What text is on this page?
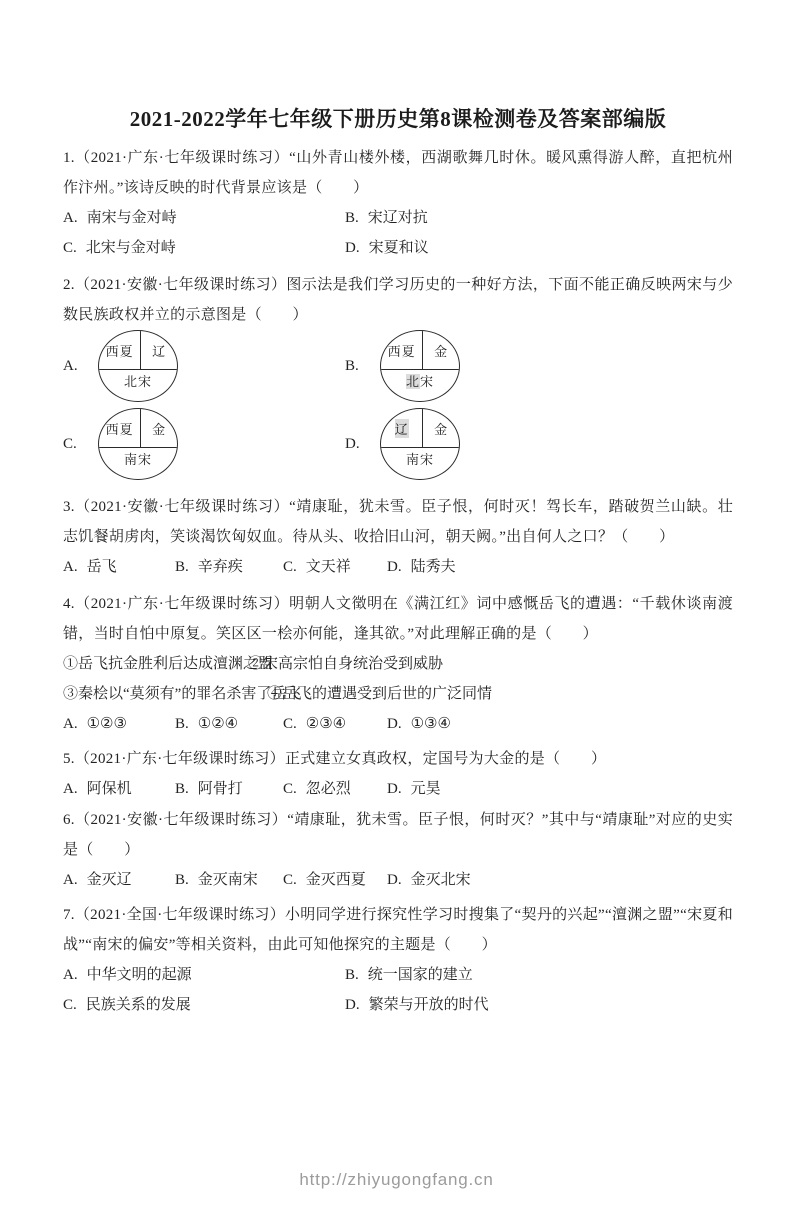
2021-2022学年七年级下册历史第8课检测卷及答案部编版

1.（2021·广东·七年级课时练习）“山外青山楼外楼，西湖歌舞几时休。暖风熏得游人醉，直把杭州作汴州。”该诗反映的时代背景应该是（　　）

A. 南宋与金对峙	B. 宋辽对抗
C. 北宋与金对峙	D. 宋夏和议

2.（2021·安徽·七年级课时练习）图示法是我们学习历史的一种好方法，下面不能正确反映两宋与少数民族政权并立的示意图是（　　）

A.
西夏	辽
北宋
B.
西夏	金
北宋
C.
西夏	金
南宋
D.
辽	金
南宋

3.（2021·安徽·七年级课时练习）“靖康耻，犹未雪。臣子恨，何时灭！驾长车，踏破贺兰山缺。壮志饥餐胡虏肉，笑谈渴饮匈奴血。待从头、收拾旧山河，朝天阙。”出自何人之口？（　　）

A. 岳飞	B. 辛弃疾	C. 文天祥	D. 陆秀夫

4.（2021·广东·七年级课时练习）明朝人文徵明在《满江红》词中感慨岳飞的遭遇：“千载休谈南渡错，当时自怕中原复。笑区区一桧亦何能，逢其欲。”对此理解正确的是（　　）

①岳飞抗金胜利后达成澶渊之盟②宋高宗怕自身统治受到威胁
③秦桧以“莫须有”的罪名杀害了岳飞④岳飞的遭遇受到后世的广泛同情
A. ①②③	B. ①②④	C. ②③④	D. ①③④

5.（2021·广东·七年级课时练习）正式建立女真政权，定国号为大金的是（　　）

A. 阿保机	B. 阿骨打	C. 忽必烈	D. 元昊

6.（2021·安徽·七年级课时练习）“靖康耻，犹未雪。臣子恨，何时灭？”其中与“靖康耻”对应的史实是（　　）

A. 金灭辽	B. 金灭南宋	C. 金灭西夏	D. 金灭北宋

7.（2021·全国·七年级课时练习）小明同学进行探究性学习时搜集了“契丹的兴起”“澶渊之盟”“宋夏和战”“南宋的偏安”等相关资料，由此可知他探究的主题是（　　）

A. 中华文明的起源	B. 统一国家的建立
C. 民族关系的发展	D. 繁荣与开放的时代
http://zhiyugongfang.cn
